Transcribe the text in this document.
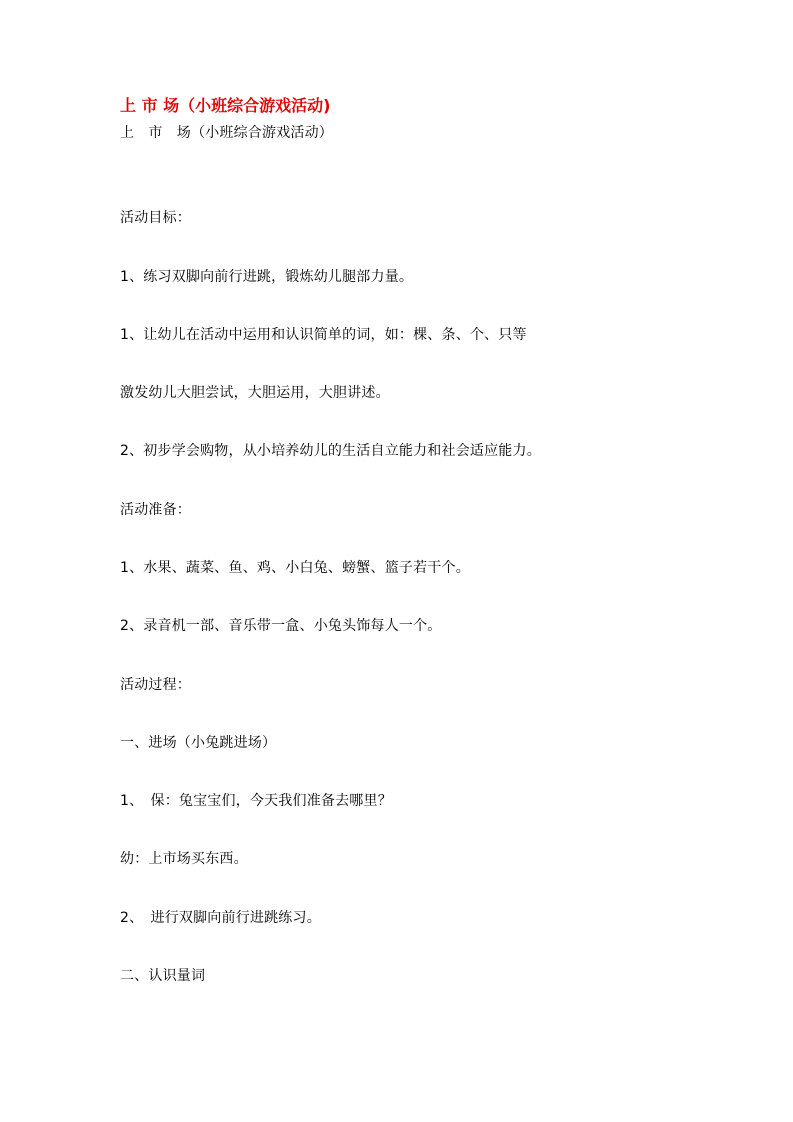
上 市 场（小班综合游戏活动)
上　市　场（小班综合游戏活动）
活动目标：
1、练习双脚向前行进跳，锻炼幼儿腿部力量。
1、让幼儿在活动中运用和认识简单的词，如：棵、条、个、只等
激发幼儿大胆尝试，大胆运用，大胆讲述。
2、初步学会购物，从小培养幼儿的生活自立能力和社会适应能力。
活动准备：
1、水果、蔬菜、鱼、鸡、小白兔、螃蟹、篮子若干个。
2、录音机一部、音乐带一盒、小兔头饰每人一个。
活动过程：
一、进场（小兔跳进场）
1、　保：兔宝宝们，今天我们准备去哪里？
幼：上市场买东西。
2、　进行双脚向前行进跳练习。
二、认识量词
